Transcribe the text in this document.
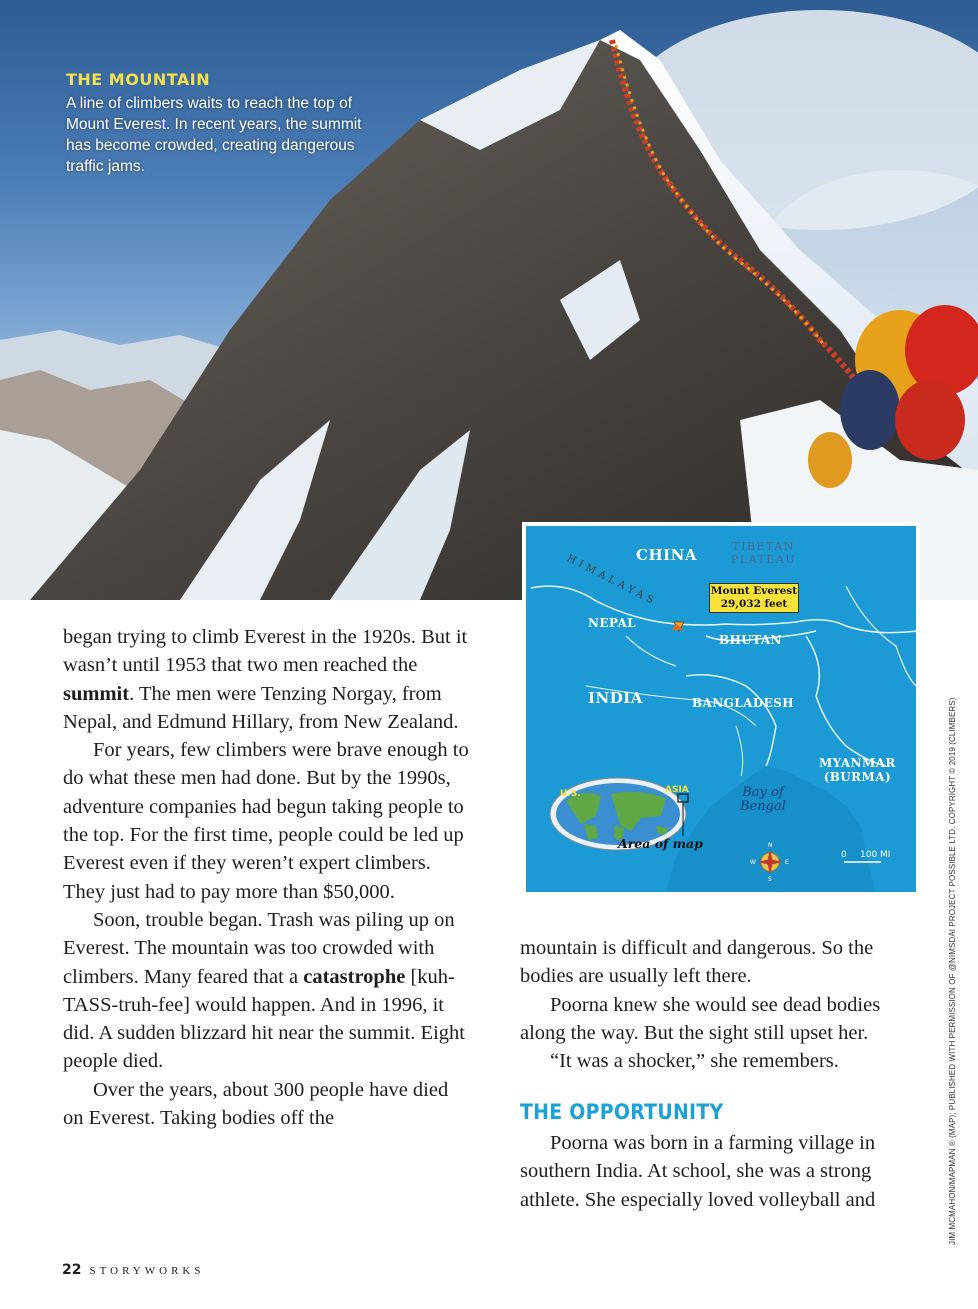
THE MOUNTAIN
A line of climbers waits to reach the top of Mount Everest. In recent years, the summit has become crowded, creating dangerous traffic jams.

began trying to climb Everest in the 1920s. But it wasn’t until 1953 that two men reached the summit. The men were Tenzing Norgay, from Nepal, and Edmund Hillary, from New Zealand.

For years, few climbers were brave enough to do what these men had done. But by the 1990s, adventure companies had begun taking people to the top. For the first time, people could be led up Everest even if they weren’t expert climbers. They just had to pay more than $50,000.

Soon, trouble began. Trash was piling up on Everest. The mountain was too crowded with climbers. Many feared that a catastrophe [kuh-TASS-truh-fee] would happen. And in 1996, it did. A sudden blizzard hit near the summit. Eight people died.

Over the years, about 300 people have died on Everest. Taking bodies off the

CHINA	TIBETAN
PLATEAU
HIMALAYAS	Mount Everest
29,032 feet
NEPAL
BHUTAN
INDIA	BANGLADESH
MYANMAR
(BURMA)
Bay of
Bengal
U.S.	ASIA
Area of map	N
S
E
W
0 100 MI

mountain is difficult and dangerous. So the bodies are usually left there.

Poorna knew she would see dead bodies along the way. But the sight still upset her.

“It was a shocker,” she remembers.

THE OPPORTUNITY

Poorna was born in a farming village in southern India. At school, she was a strong athlete. She especially loved volleyball and	JIM MCMAHON/MAPMAN ® (MAP); PUBLISHED WITH PERMISSION OF @NIMSDAI PROJECT POSSIBLE LTD. COPYRIGHT © 2019 (CLIMBERS)
22 STORYWORKS
